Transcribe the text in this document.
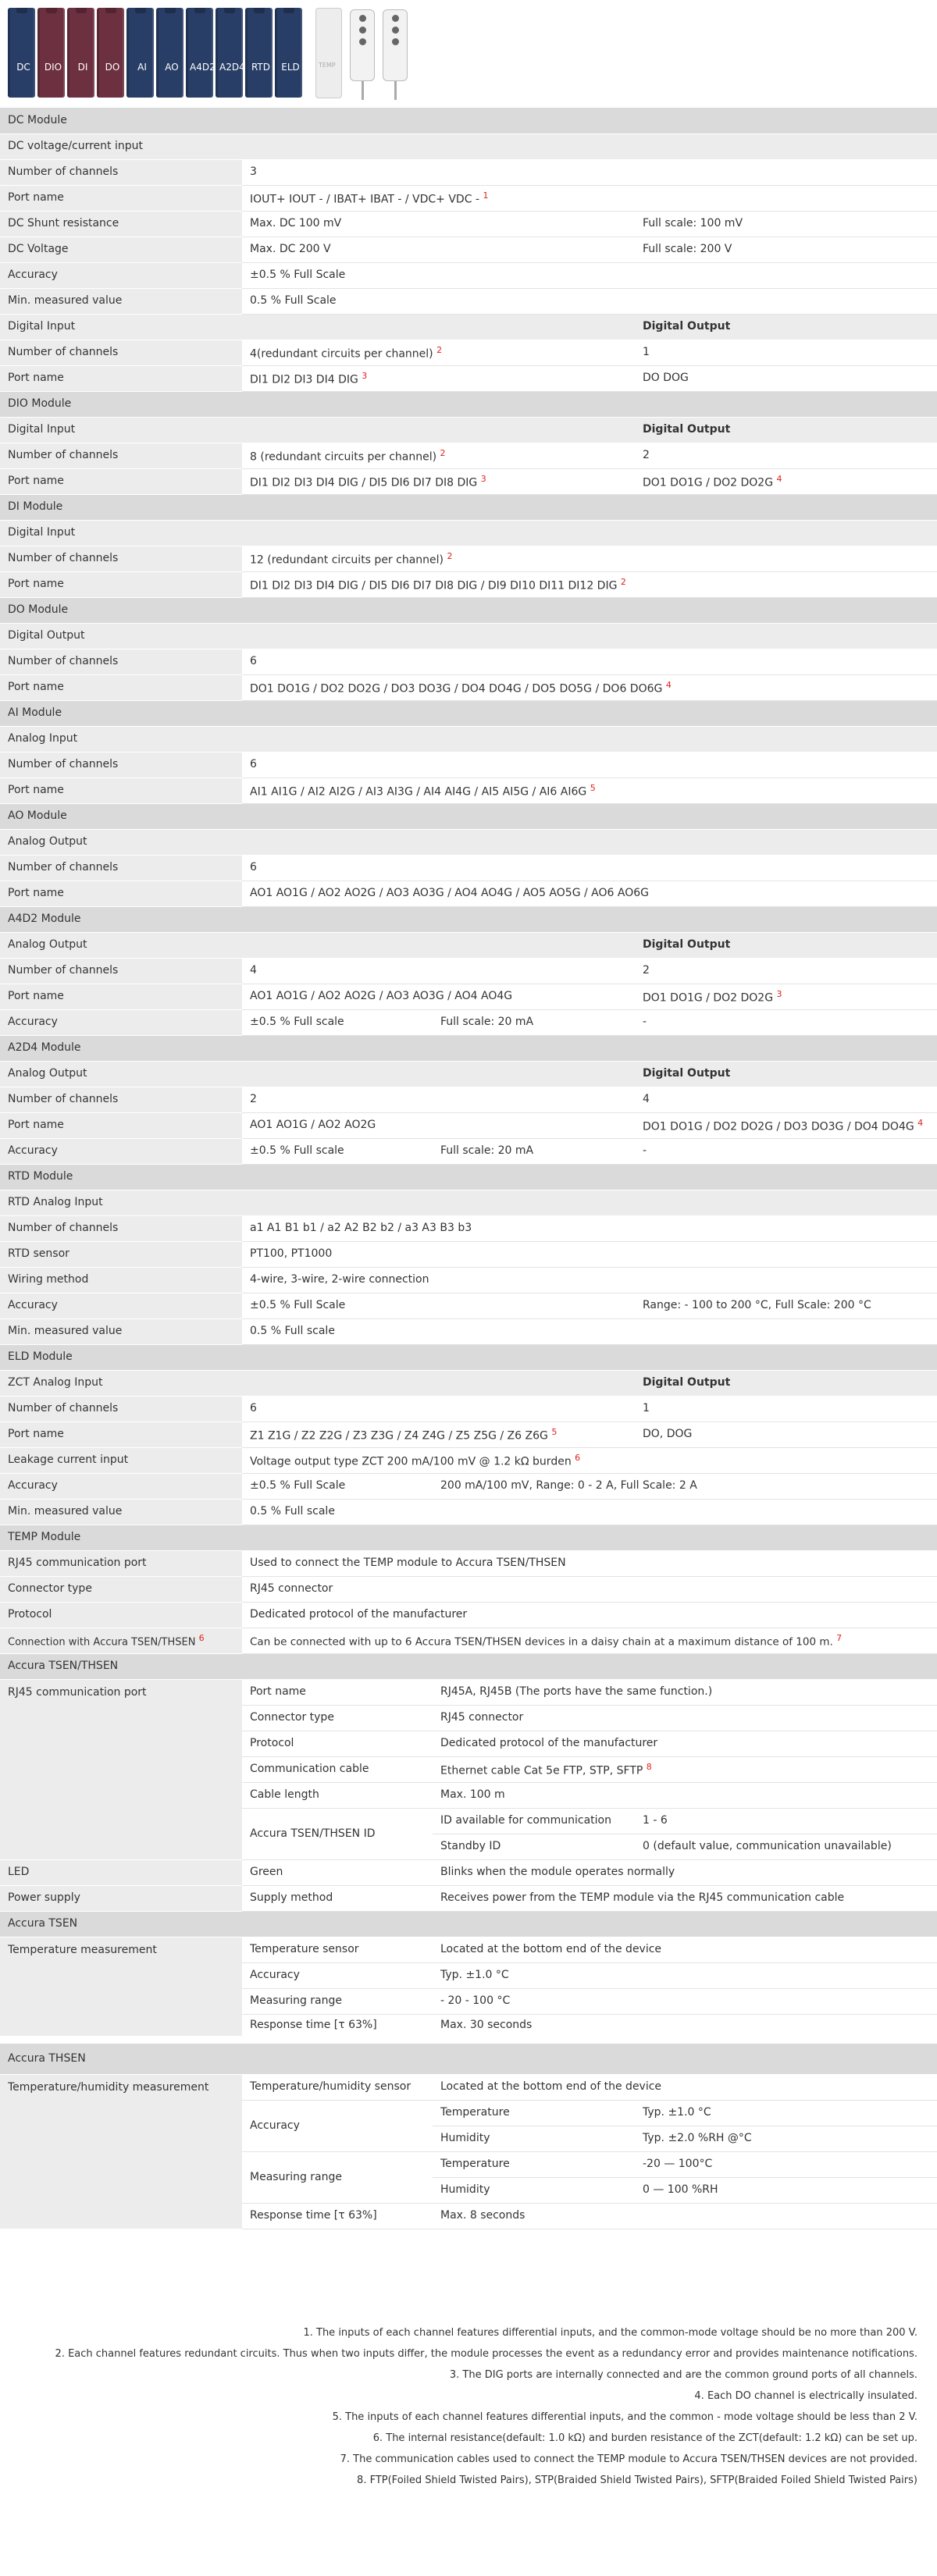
DC	DIO	DI	DO	AI	AO	A4D2 A2D4 RTD ELD	TEMP
DC Module			
DC voltage/current input			
Number of channels	3		
Port name	IOUT+ IOUT - / IBAT+ IBAT - / VDC+ VDC - $^1$
DC Shunt resistance	Max. DC 100 mV		Full scale: 100 mV
DC Voltage	Max. DC 200 V		Full scale: 200 V
Accuracy	±0.5 % Full Scale		
Min. measured value	0.5 % Full Scale		
Digital Input			Digital Output
Number of channels	4(redundant circuits per channel) $^2$		1
Port name	DI1 DI2 DI3 DI4 DIG $^3$		DO DOG
DIO Module			
Digital Input			Digital Output
Number of channels	8 (redundant circuits per channel) $^2$		2
Port name	DI1 DI2 DI3 DI4 DIG / DI5 DI6 DI7 DI8 DIG $^3$		DO1 DO1G / DO2 DO2G $^4$
DI Module			
Digital Input			
Number of channels	12 (redundant circuits per channel) $^2$
Port name	DI1 DI2 DI3 DI4 DIG / DI5 DI6 DI7 DI8 DIG / DI9 DI10 DI11 DI12 DIG $^2$
DO Module			
Digital Output			
Number of channels	6		
Port name	DO1 DO1G / DO2 DO2G / DO3 DO3G / DO4 DO4G / DO5 DO5G / DO6 DO6G $^4$
AI Module			
Analog Input			
Number of channels	6		
Port name	AI1 AI1G / AI2 AI2G / AI3 AI3G / AI4 AI4G / AI5 AI5G / AI6 AI6G $^5$
AO Module			
Analog Output			
Number of channels	6		
Port name	AO1 AO1G / AO2 AO2G / AO3 AO3G / AO4 AO4G / AO5 AO5G / AO6 AO6G		
A4D2 Module			
Analog Output			Digital Output
Number of channels	4		2
Port name	AO1 AO1G / AO2 AO2G / AO3 AO3G / AO4 AO4G		DO1 DO1G / DO2 DO2G $^3$
Accuracy	±0.5 % Full scale	Full scale: 20 mA	-
A2D4 Module			
Analog Output			Digital Output
Number of channels	2		4
Port name	AO1 AO1G / AO2 AO2G		DO1 DO1G / DO2 DO2G / DO3 DO3G / DO4 DO4G $^4$
Accuracy	±0.5 % Full scale	Full scale: 20 mA	-
RTD Module			
RTD Analog Input			
Number of channels	a1 A1 B1 b1 / a2 A2 B2 b2 / a3 A3 B3 b3		
RTD sensor	PT100, PT1000		
Wiring method	4-wire, 3-wire, 2-wire connection		
Accuracy	±0.5 % Full Scale		Range: - 100 to 200 °C, Full Scale: 200 °C
Min. measured value	0.5 % Full scale		
ELD Module			
ZCT Analog Input			Digital Output
Number of channels	6		1
Port name	Z1 Z1G / Z2 Z2G / Z3 Z3G / Z4 Z4G / Z5 Z5G / Z6 Z6G $^5$		DO, DOG
Leakage current input	Voltage output type ZCT 200 mA/100 mV @ 1.2 kΩ burden $^6$
Accuracy	±0.5 % Full Scale	200 mA/100 mV, Range: 0 - 2 A, Full Scale: 2 A	
Min. measured value	0.5 % Full scale		
TEMP Module			
RJ45 communication port	Used to connect the TEMP module to Accura TSEN/THSEN		
Connector type	RJ45 connector		
Protocol	Dedicated protocol of the manufacturer		
Connection with Accura TSEN/THSEN $^6$	Can be connected with up to 6 Accura TSEN/THSEN devices in a daisy chain at a maximum distance of 100 m. $^7$
Accura TSEN/THSEN			
RJ45 communication port	Port name	RJ45A, RJ45B (The ports have the same function.)	
	Connector type	RJ45 connector	
	Protocol	Dedicated protocol of the manufacturer	
	Communication cable	Ethernet cable Cat 5e FTP, STP, SFTP $^8$
	Cable length	Max. 100 m	
	Accura TSEN/THSEN ID	ID available for communication	1 - 6
		Standby ID	0 (default value, communication unavailable)
LED	Green	Blinks when the module operates normally	
Power supply	Supply method	Receives power from the TEMP module via the RJ45 communication cable	
Accura TSEN			
Temperature measurement	Temperature sensor	Located at the bottom end of the device	
	Accuracy	Typ. ±1.0 °C	
	Measuring range	- 20 - 100 °C	
	Response time [τ 63%]	Max. 30 seconds	
Accura THSEN			
Temperature/humidity measurement	Temperature/humidity sensor	Located at the bottom end of the device	
	Accuracy	Temperature	Typ. ±1.0 °C
		Humidity	Typ. ±2.0 %RH @°C
	Measuring range	Temperature	-20 — 100°C
		Humidity	0 — 100 %RH
	Response time [τ 63%]	Max. 8 seconds	
1. The inputs of each channel features differential inputs, and the common-mode voltage should be no more than 200 V.
2. Each channel features redundant circuits. Thus when two inputs differ, the module processes the event as a redundancy error and provides maintenance notifications.
3. The DIG ports are internally connected and are the common ground ports of all channels.
4. Each DO channel is electrically insulated.
5. The inputs of each channel features differential inputs, and the common - mode voltage should be less than 2 V.
6. The internal resistance(default: 1.0 kΩ) and burden resistance of the ZCT(default: 1.2 kΩ) can be set up.
7. The communication cables used to connect the TEMP module to Accura TSEN/THSEN devices are not provided.
8. FTP(Foiled Shield Twisted Pairs), STP(Braided Shield Twisted Pairs), SFTP(Braided Foiled Shield Twisted Pairs)
